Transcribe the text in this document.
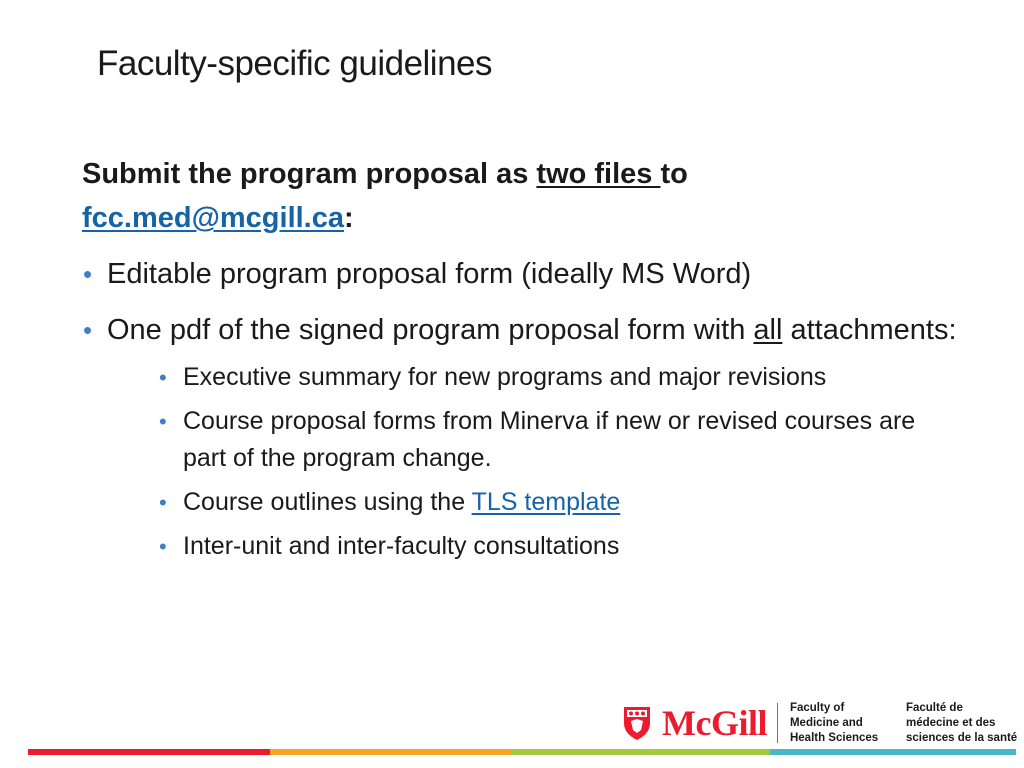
Faculty-specific guidelines

Submit the program proposal as two files to
fcc.med@mcgill.ca:

• Editable program proposal form (ideally MS Word)
• One pdf of the signed program proposal form with all attachments:
• Executive summary for new programs and major revisions
• Course proposal forms from Minerva if new or revised courses are part of the program change.
• Course outlines using the TLS template
• Inter-unit and inter-faculty consultations
McGill Faculty of
Medicine and
Health Sciences
Faculté de
médecine et des
sciences de la santé
